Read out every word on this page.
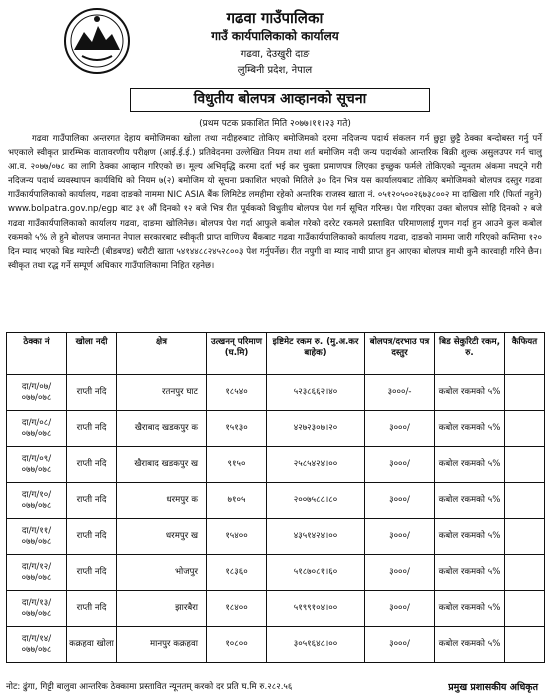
गढवा गाउँपालिका
गाउँ कार्यपालिकाको कार्यालय
गढवा, देउखुरी दाङ
लुम्बिनी प्रदेश, नेपाल
विधुतीय बोलपत्र आव्हानको सूचना
(प्रथम पटक प्रकाशित मिति २०७७।११।२३ गते)

गढवा गाउँपालिका अन्तरगत देहाय बमोजिमका खोला तथा नदीहरुबाट तोकिए बमोजिमको दरमा नदिजन्य पदार्थ संकलन गर्न छुट्टा छुट्टै ठेक्का बन्दोबस्त गर्नु पर्ने भएकाले स्वीकृत प्रारम्भिक वातावरणीय परीक्षण (आई.ई.ई.) प्रतिवेदनमा उल्लेखित नियम तथा शर्त बमोजिम नदी जन्य पदार्थको आन्तरिक बिक्री शुल्क असुलउपर गर्न चालु आ.व. २०७७/०७८ का लागि ठेक्का आव्हान गरिएको छ। मूल्य अभिवृद्धि करमा दर्ता भई कर चुक्ता प्रमाणपत्र लिएका इच्छुक फर्मले तोकिएको न्यूनतम अंकमा नघट्ने गरी नदिजन्य पदार्थ व्यवस्थापन कार्यविधि को नियम ७(२) बमोजिम यो सूचना प्रकाशित भएको मितिले ३० दिन भित्र यस कार्यालयबाट तोकिए बमोजिमको बोलपत्र दस्तुर गढवा गाउँकार्यपालिकाको कार्यालय, गढवा दाङको नाममा NIC ASIA बैंक लिमिटेड लमहीमा रहेको अन्तरिक राजस्व खाता नं. ०५१२०५००२६७३८००२ मा दाखिला गरि (फिर्ता नहुने) www.bolpatra.gov.np/egp बाट ३१ औं दिनको १२ बजे भित्र रीत पूर्वकको विधुतीय बोलपत्र पेश गर्न सूचित गरिन्छ। पेश गरिएका उक्त बोलपत्र सोहि दिनको २ बजे गढवा गाउँकार्यपालिकाको कार्यालय गढवा, दाङमा खोलिनेछ। बोलपत्र पेश गर्दा आफुले कबोल गरेको दररेट रकमले प्रस्तावित परिमाणलाई गुणन गर्दा हुन आउने कुल कबोल रकमको ५% ले हुने बोलपत्र जमानत नेपाल सरकारबाट स्वीकृती प्राप्त वाणिज्य बैंकबाट गढवा गाउँकार्यपालिकाको कार्यालय गढवा, दाङको नाममा जारी गरिएको कम्तिमा १२० दिन म्याद भएको बिड ग्यारेन्टी (बीडबण्ड) धरौटी खाता ५४१४४८८२४५२८००३ पेश गर्नुपर्नेछ। रीत नपुगी वा म्याद नाघी प्राप्त हुन आएका बोलपत्र माथी कुनै कारवाही गरिने छैन। स्वीकृत तथा रद्ध गर्ने सम्पूर्ण अधिकार गाउँपालिकामा निहित रहनेछ।

ठेक्का नं	खोला नदी	क्षेत्र	उत्खनन् परिमाण (घ.मि)	इष्टिमेट रकम रु. (मु.अ.कर बाहेक)	बोलपत्र/दरभाउ पत्र दस्तुर	बिड सेकुरिटी रकम, रु.	कैफियत
दा/ग/०७/ ०७७/०७८	राप्ती नदि	रतनपुर घाट	१८५४०	५२३८६६२।४०	३०००/-	कबोल रकमको ५%	
दा/ग/०८/ ०७७/०७८	राप्ती नदि	खैराबाद खडकपुर क	१५१३०	४२७२३०७।२०	३०००/	कबोल रकमको ५%	
दा/ग/०९/ ०७७/०७८	राप्ती नदि	खैराबाद खडकपुर ख	९१५०	२५८५४२४।००	३०००/	कबोल रकमको ५%	
दा/ग/१०/ ०७७/०७८	राप्ती नदि	धरमपुर क	७१०५	२००७५८८।८०	३०००/	कबोल रकमको ५%	
दा/ग/११/ ०७७/०७८	राप्ती नदि	धरमपुर ख	१५४००	४३५१४२४।००	३०००/	कबोल रकमको ५%	
दा/ग/१२/ ०७७/०७८	राप्ती नदि	भोजपुर	१८३६०	५१८७०८१।६०	३०००/	कबोल रकमको ५%	
दा/ग/१३/ ०७७/०७८	राप्ती नदि	झारबैरा	१८४००	५१९९१०४।००	३०००/	कबोल रकमको ५%	
दा/ग/१४/ ०७७/०७८	कक्रहवा खोला	मानपुर कक्रहवा	१०८००	३०५१६४८।००	३०००/	कबोल रकमको ५%	
नोट: ढुंगा, गिट्टी बालुवा आन्तरिक ठेक्कामा प्रस्तावित न्यूनतम् करको दर प्रति घ.मि रु.२८२.५६	प्रमुख प्रशासकीय अधिकृत
